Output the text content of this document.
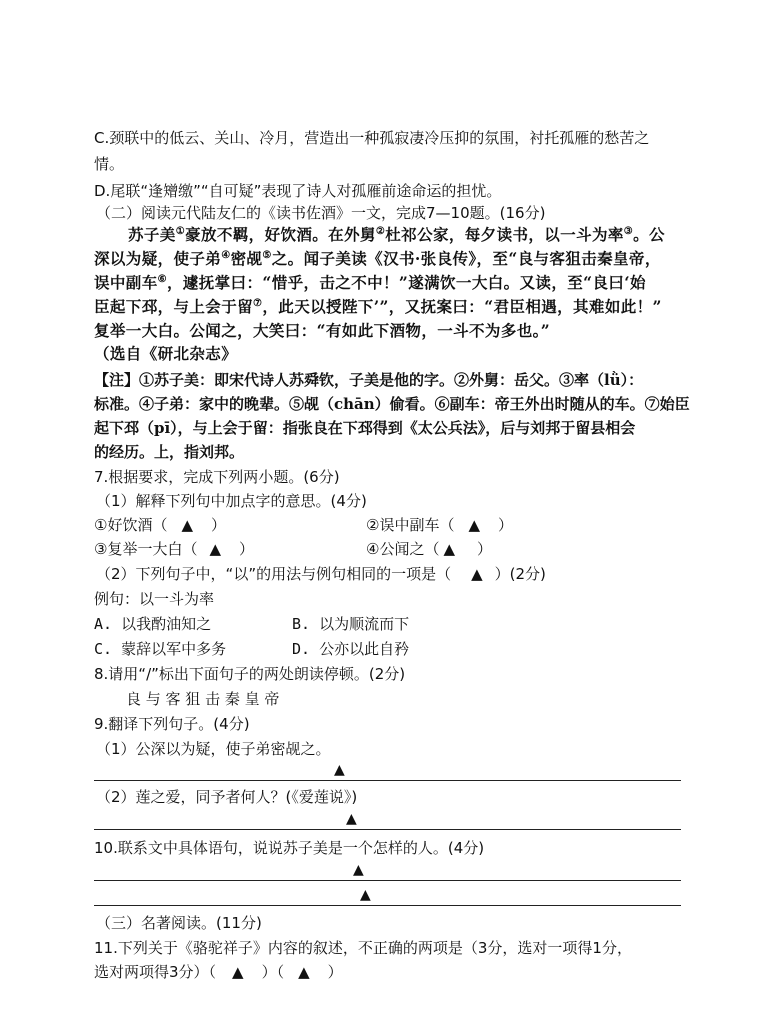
C.颈联中的低云、关山、冷月，营造出一种孤寂凄冷压抑的氛围，衬托孤雁的愁苦之
情。
D.尾联“逢矰缴”“自可疑”表现了诗人对孤雁前途命运的担忧。
（二）阅读元代陆友仁的《读书佐酒》一文，完成7—10题。(16分)
苏子美①豪放不羁，好饮酒。在外舅②杜祁公家，每夕读书，以一斗为率③。公
深以为疑，使子弟④密觇⑤之。闻子美读《汉书·张良传》，至“良与客狙击秦皇帝，
误中副车⑥，遽抚掌曰：“惜乎，击之不中！”遂满饮一大白。又读，至“良曰‘始
臣起下邳，与上会于留⑦，此天以授陛下’”，又抚案曰：“君臣相遇，其难如此！”
复举一大白。公闻之，大笑曰：“有如此下酒物，一斗不为多也。”
（选自《研北杂志》
【注】①苏子美：即宋代诗人苏舜钦，子美是他的字。②外舅：岳父。③率（lǜ）：
标准。④子弟：家中的晚辈。⑤觇（chān）偷看。⑥副车：帝王外出时随从的车。⑦始臣
起下邳（pī），与上会于留：指张良在下邳得到《太公兵法》，后与刘邦于留县相会
的经历。上，指刘邦。
7.根据要求，完成下列两小题。(6分)
（1）解释下列句中加点字的意思。(4分)
①好饮酒（ ▲ ）	②误中副车（ ▲ ）
③复举一大白（ ▲ ）	④公闻之（ ▲ ）
（2）下列句子中，“以”的用法与例句相同的一项是（ ▲ ）(2分)
例句：以一斗为率
A. 以我酌油知之	B. 以为顺流而下
C. 蒙辞以军中多务	D. 公亦以此自矜
8.请用“/”标出下面句子的两处朗读停顿。(2分)
良 与 客 狙 击 秦 皇 帝
9.翻译下列句子。(4分)
（1）公深以为疑，使子弟密觇之。
▲
（2）莲之爱，同予者何人？(《爱莲说》)
▲
10.联系文中具体语句，说说苏子美是一个怎样的人。(4分)
▲
▲
（三）名著阅读。(11分)
11.下列关于《骆驼祥子》内容的叙述，不正确的两项是（3分，选对一项得1分，
选对两项得3分）（ ▲ ）（ ▲ ）
